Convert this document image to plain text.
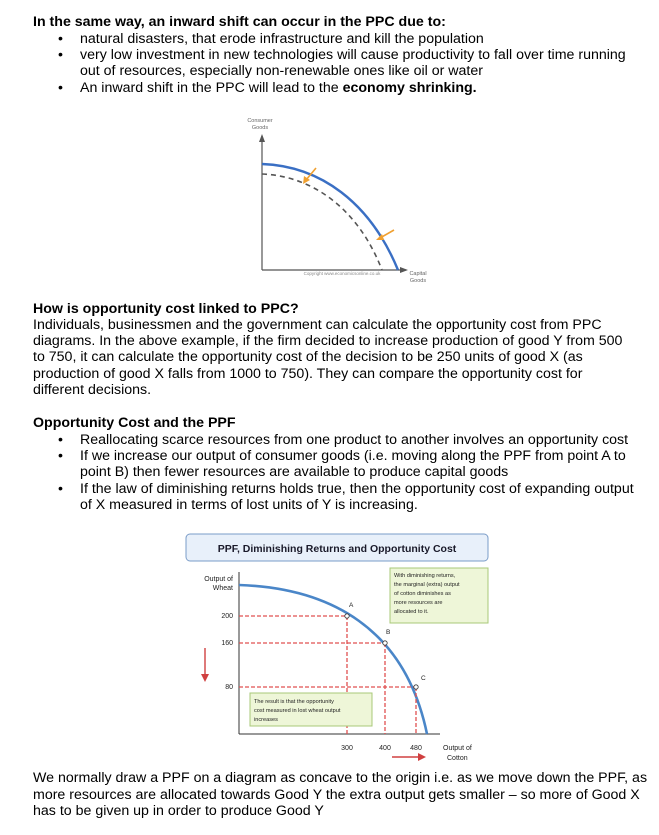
In the same way, an inward shift can occur in the PPC due to:
• natural disasters, that erode infrastructure and kill the population
• very low investment in new technologies will cause productivity to fall over time running out of resources, especially non-renewable ones like oil or water
• An inward shift in the PPC will lead to the economy shrinking.
Consumer
Goods
Copyright www.economicsonline.co.uk	Capital
Goods
How is opportunity cost linked to PPC?
Individuals, businessmen and the government can calculate the opportunity cost from PPC diagrams. In the above example, if the firm decided to increase production of good Y from 500 to 750, it can calculate the opportunity cost of the decision to be 250 units of good X (as production of good X falls from 1000 to 750). They can compare the opportunity cost for different decisions.
Opportunity Cost and the PPF
• Reallocating scarce resources from one product to another involves an opportunity cost
• If we increase our output of consumer goods (i.e. moving along the PPF from point A to point B) then fewer resources are available to produce capital goods
• If the law of diminishing returns holds true, then the opportunity cost of expanding output of X measured in terms of lost units of Y is increasing.
PPF, Diminishing Returns and Opportunity Cost
Output of
Wheat
A
B
C
200
160
80
300	400	480	Output of
Cotton
With diminishing returns,
the marginal (extra) output
of cotton diminishes as
more resources are
allocated to it.
The result is that the opportunity
cost measured in lost wheat output
increases
We normally draw a PPF on a diagram as concave to the origin i.e. as we move down the PPF, as more resources are allocated towards Good Y the extra output gets smaller – so more of Good X has to be given up in order to produce Good Y
